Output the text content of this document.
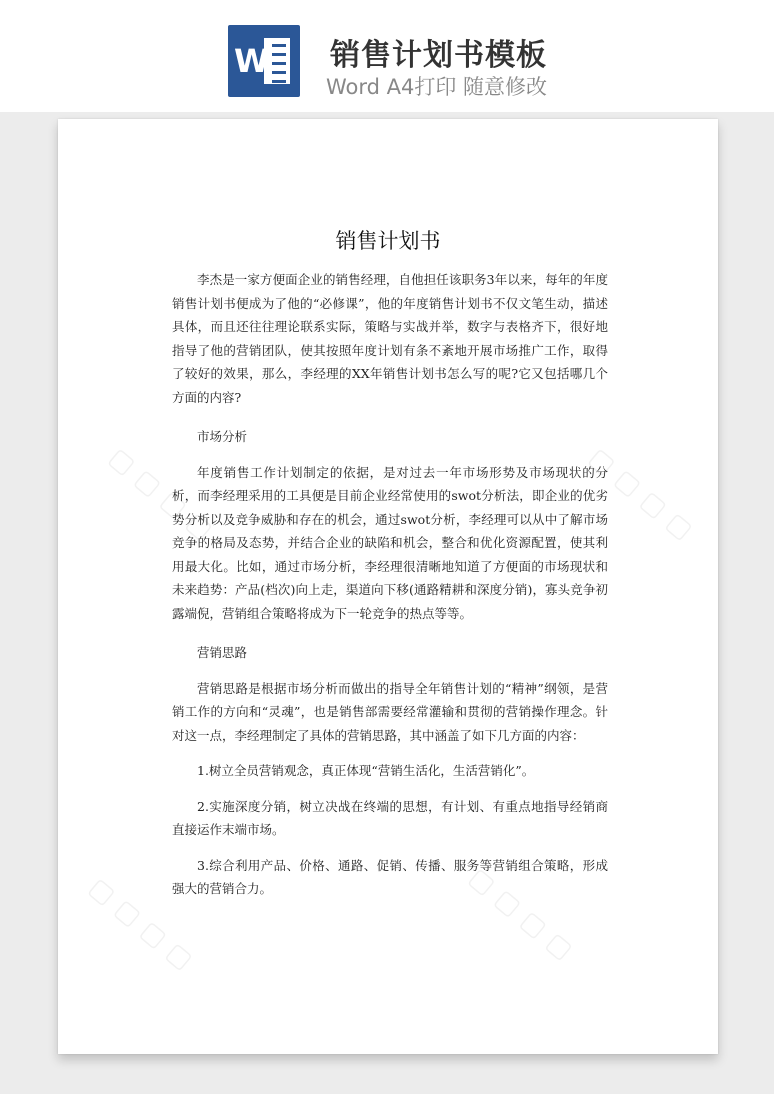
W 销售计划书模板
Word A4打印 随意修改
▢ ▢ ▢ ▢	▢ ▢ ▢ ▢
▢ ▢ ▢ ▢	▢ ▢ ▢ ▢
销售计划书

李杰是一家方便面企业的销售经理，自他担任该职务3年以来，每年的年度销售计划书便成为了他的“必修课”，他的年度销售计划书不仅文笔生动，描述具体，而且还往往理论联系实际，策略与实战并举，数字与表格齐下，很好地指导了他的营销团队，使其按照年度计划有条不紊地开展市场推广工作，取得了较好的效果，那么，李经理的XX年销售计划书怎么写的呢?它又包括哪几个方面的内容?

市场分析

年度销售工作计划制定的依据，是对过去一年市场形势及市场现状的分析，而李经理采用的工具便是目前企业经常使用的swot分析法，即企业的优劣势分析以及竞争威胁和存在的机会，通过swot分析，李经理可以从中了解市场竞争的格局及态势，并结合企业的缺陷和机会，整合和优化资源配置，使其利用最大化。比如，通过市场分析，李经理很清晰地知道了方便面的市场现状和未来趋势：产品(档次)向上走，渠道向下移(通路精耕和深度分销)，寡头竞争初露端倪，营销组合策略将成为下一轮竞争的热点等等。

营销思路

营销思路是根据市场分析而做出的指导全年销售计划的“精神”纲领，是营销工作的方向和“灵魂”，也是销售部需要经常灌输和贯彻的营销操作理念。针对这一点，李经理制定了具体的营销思路，其中涵盖了如下几方面的内容：

1.树立全员营销观念，真正体现“营销生活化，生活营销化”。

2.实施深度分销，树立决战在终端的思想，有计划、有重点地指导经销商直接运作末端市场。

3.综合利用产品、价格、通路、促销、传播、服务等营销组合策略，形成强大的营销合力。
